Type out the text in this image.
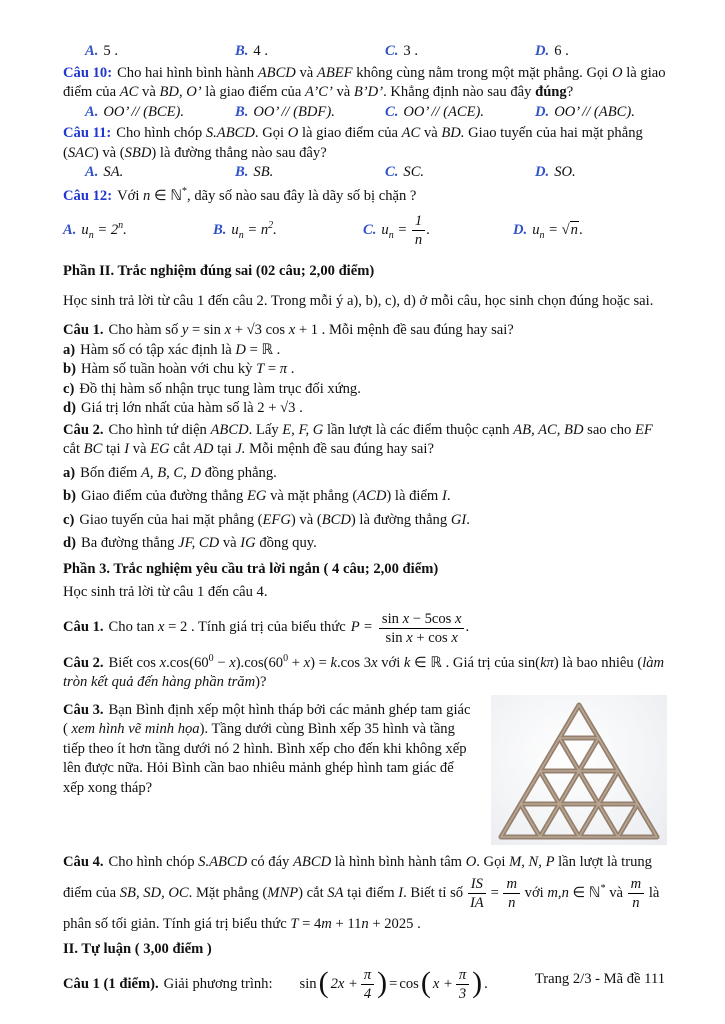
A. 5 .	B. 4 .	C. 3 .	D. 6 .

Câu 10: Cho hai hình bình hành ABCD và ABEF không cùng nằm trong một mặt phẳng. Gọi O là giao điểm của AC và BD, O’ là giao điểm của A’C’ và B’D’. Khẳng định nào sau đây đúng?

A. OO’ // (BCE).	B. OO’ // (BDF).	C. OO’ // (ACE).	D. OO’ // (ABC).

Câu 11: Cho hình chóp S.ABCD. Gọi O là giao điểm của AC và BD. Giao tuyến của hai mặt phẳng (SAC) và (SBD) là đường thẳng nào sau đây?

A. SA.	B. SB.	C. SC.	D. SO.

Câu 12: Với n ∈ ℕ*, dãy số nào sau đây là dãy số bị chặn ?

A. $u_n = 2^n$.	B. $u_n = n^2$.	C. $u_n = \frac{1}{n}$ .	D. $u_n = √n$.

Phần II. Trắc nghiệm đúng sai (02 câu; 2,00 điểm)

Học sinh trả lời từ câu 1 đến câu 2. Trong mỗi ý a), b), c), d) ở mỗi câu, học sinh chọn đúng hoặc sai.

Câu 1. Cho hàm số y = sin x + √3 cos x + 1 . Mỗi mệnh đề sau đúng hay sai?

a) Hàm số có tập xác định là D = ℝ .

b) Hàm số tuần hoàn với chu kỳ T = π .

c) Đồ thị hàm số nhận trục tung làm trục đối xứng.

d) Giá trị lớn nhất của hàm số là 2 + √3 .

Câu 2. Cho hình tứ diện ABCD. Lấy E, F, G lần lượt là các điểm thuộc cạnh AB, AC, BD sao cho EF cắt BC tại I và EG cắt AD tại J. Mỗi mệnh đề sau đúng hay sai?

a) Bốn điểm A, B, C, D đồng phẳng.

b) Giao điểm của đường thẳng EG và mặt phẳng (ACD) là điểm I.

c) Giao tuyến của hai mặt phẳng (EFG) và (BCD) là đường thẳng GI.

d) Ba đường thẳng JF, CD và IG đồng quy.

Phần 3. Trắc nghiệm yêu cầu trả lời ngắn ( 4 câu; 2,00 điểm)

Học sinh trả lời từ câu 1 đến câu 4.

Câu 1. Cho tan x = 2 . Tính giá trị của biểu thức $P = \frac{\text{sin x − 5cos x}}{\text{sin x + cos x}}$ .

Câu 2. Biết $\cos x.\cos(60^0 - x).\cos(60^0 + x) = k.\cos$ 3x với k ∈ ℝ . Giá trị của sin(kπ) là bao nhiêu (làm tròn kết quả đến hàng phần trăm)?

Câu 3. Bạn Bình định xếp một hình tháp bởi các mảnh ghép tam giác ( xem hình vẽ minh họa). Tầng dưới cùng Bình xếp 35 hình và tầng tiếp theo ít hơn tầng dưới nó 2 hình. Bình xếp cho đến khi không xếp lên được nữa. Hỏi Bình cần bao nhiêu mảnh ghép hình tam giác để xếp xong tháp?

Câu 4. Cho hình chóp S.ABCD có đáy ABCD là hình bình hành tâm O. Gọi M, N, P lần lượt là trung điểm của SB, SD, OC. Mặt phẳng (MNP) cắt SA tại điểm I. Biết tỉ số $\frac{IS}{IA} = \frac{m}{n}$ với m,n ∈ ℕ* và $\frac{m}{n}$ là phân số tối giản. Tính giá trị biểu thức T = 4m + 11n + 2025 .

II. Tự luận ( 3,00 điểm )

Câu 1 (1 điểm). Giải phương trình: sin ( $2x + \frac{\pi}{4}$ ) = cos ( $x + \frac{\pi}{3}$ ) .	Trang 2/3 - Mã đề 111
